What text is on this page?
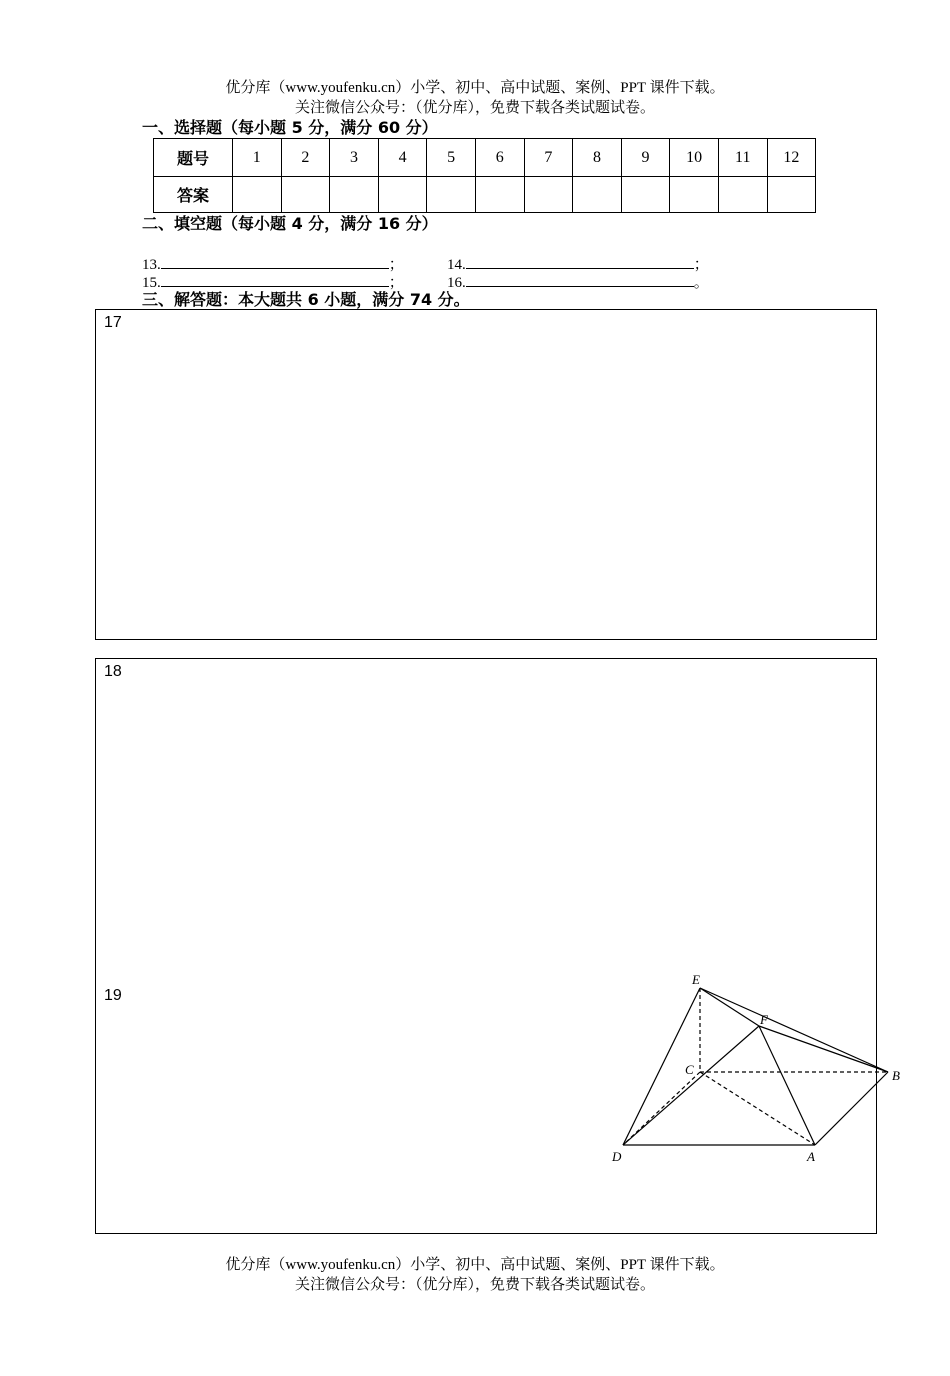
优分库（www.youfenku.cn）小学、初中、高中试题、案例、PPT 课件下载。
关注微信公众号：（优分库），免费下载各类试题试卷。
一、选择题（每小题 5 分，满分 60 分）
题号	1	2	3	4	5	6	7	8	9	10	11	12
答案												
二、填空题（每小题 4 分，满分 16 分）
13.	；	14.	；
15.	；	16.	。
三、解答题：本大题共 6 小题，满分 74 分。
17
18
19
E
F
C	B
D	A
优分库（www.youfenku.cn）小学、初中、高中试题、案例、PPT 课件下载。
关注微信公众号：（优分库），免费下载各类试题试卷。
